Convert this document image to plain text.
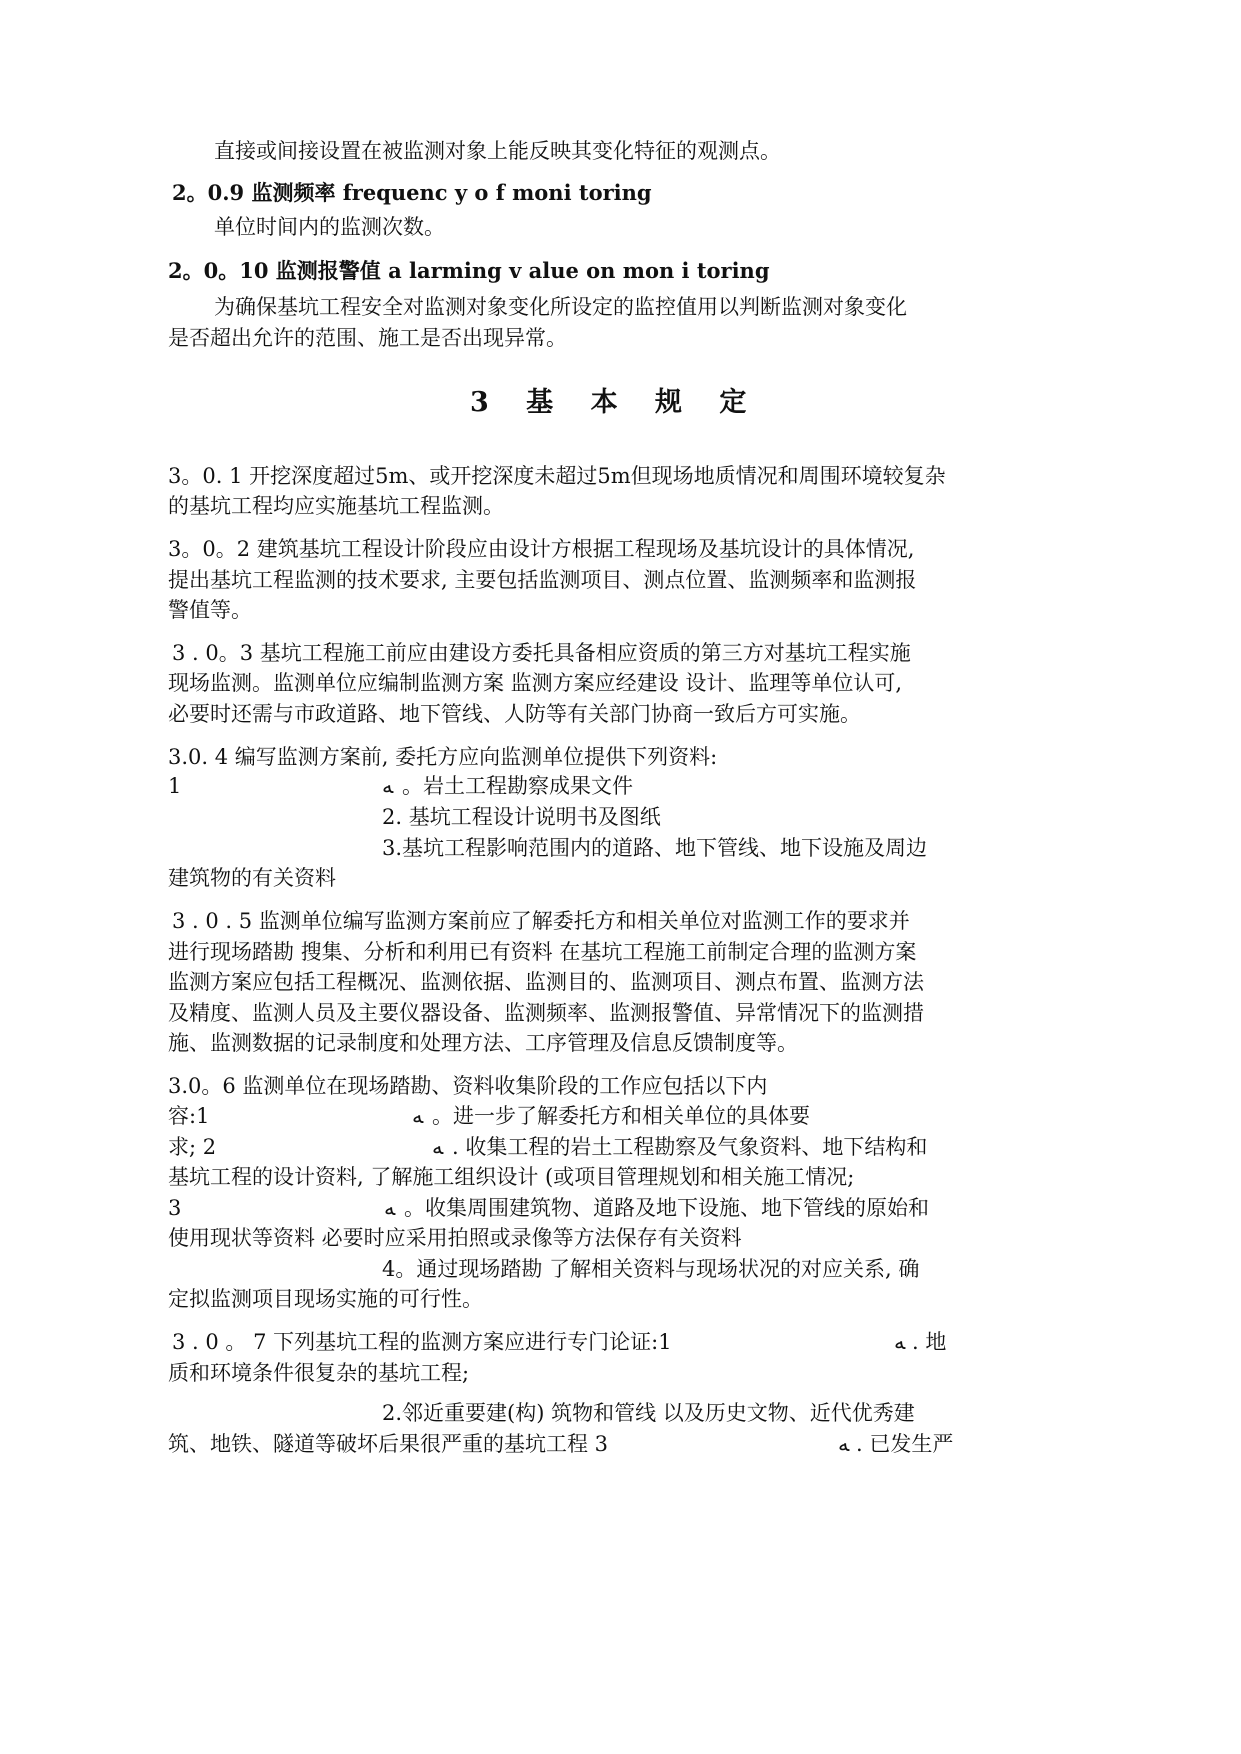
直接或间接设置在被监测对象上能反映其变化特征的观测点。

2。0.9 监测频率 frequenc y o f moni toring

单位时间内的监测次数。

2。0。10 监测报警值 a larming v alue on mon i toring

为确保基坑工程安全对监测对象变化所设定的监控值用以判断监测对象变化

是否超出允许的范围、施工是否出现异常。

3 基 本 规 定

3。0. 1 开挖深度超过5m、或开挖深度未超过5m但现场地质情况和周围环境较复杂

的基坑工程均应实施基坑工程监测。

3。0。2 建筑基坑工程设计阶段应由设计方根据工程现场及基坑设计的具体情况,

提出基坑工程监测的技术要求, 主要包括监测项目、测点位置、监测频率和监测报

警值等。

3 . 0。3 基坑工程施工前应由建设方委托具备相应资质的第三方对基坑工程实施

现场监测。监测单位应编制监测方案 监测方案应经建设 设计、监理等单位认可,

必要时还需与市政道路、地下管线、人防等有关部门协商一致后方可实施。

3.0. 4 编写监测方案前, 委托方应向监测单位提供下列资料:

1	ﻪ 。岩土工程勘察成果文件

2. 基坑工程设计说明书及图纸

3.基坑工程影响范围内的道路、地下管线、地下设施及周边

建筑物的有关资料

3 . 0 . 5 监测单位编写监测方案前应了解委托方和相关单位对监测工作的要求并

进行现场踏勘 搜集、分析和利用已有资料 在基坑工程施工前制定合理的监测方案

监测方案应包括工程概况、监测依据、监测目的、监测项目、测点布置、监测方法

及精度、监测人员及主要仪器设备、监测频率、监测报警值、异常情况下的监测措

施、监测数据的记录制度和处理方法、工序管理及信息反馈制度等。

3.0。6 监测单位在现场踏勘、资料收集阶段的工作应包括以下内

容:1	ﻪ 。进一步了解委托方和相关单位的具体要

求; 2	ﻪ . 收集工程的岩土工程勘察及气象资料、地下结构和

基坑工程的设计资料, 了解施工组织设计 (或项目管理规划和相关施工情况;

3	ﻪ 。收集周围建筑物、道路及地下设施、地下管线的原始和

使用现状等资料 必要时应采用拍照或录像等方法保存有关资料

4。通过现场踏勘 了解相关资料与现场状况的对应关系, 确

定拟监测项目现场实施的可行性。

3 . 0 。 7 下列基坑工程的监测方案应进行专门论证:1	ﻪ . 地

质和环境条件很复杂的基坑工程;

2.邻近重要建(构) 筑物和管线 以及历史文物、近代优秀建

筑、地铁、隧道等破坏后果很严重的基坑工程 3	ﻪ . 已发生严
